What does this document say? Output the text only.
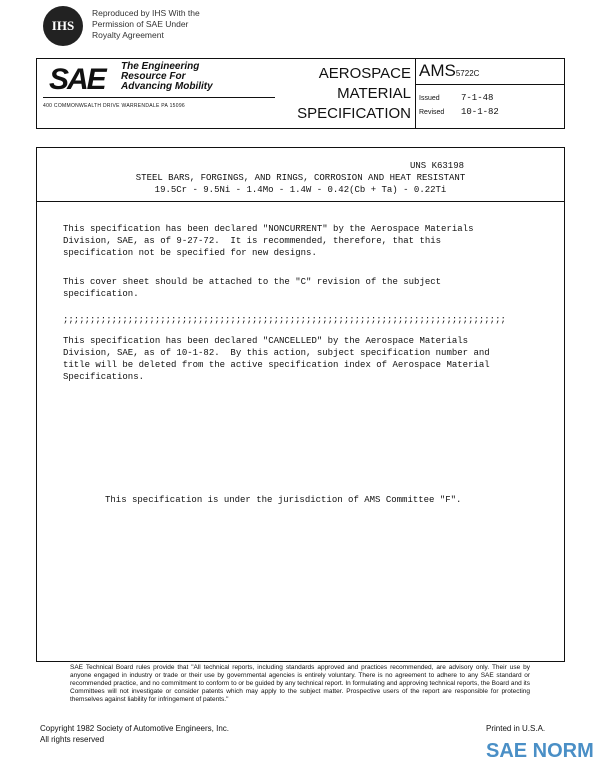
IHS
Reproduced by IHS With the
Permission of SAE Under
Royalty Agreement
SAE The Engineering
Resource For
Advancing Mobility
400 COMMONWEALTH DRIVE WARRENDALE PA 15096
AEROSPACE
MATERIAL
SPECIFICATION
AMS5722C
Issued
Revised
7-1-48
10-1-82
UNS K63198
STEEL BARS, FORGINGS, AND RINGS, CORROSION AND HEAT RESISTANT
19.5Cr - 9.5Ni - 1.4Mo - 1.4W - 0.42(Cb + Ta) - 0.22Ti
This specification has been declared "NONCURRENT" by the Aerospace Materials
Division, SAE, as of 9-27-72.  It is recommended, therefore, that this
specification not be specified for new designs.
This cover sheet should be attached to the "C" revision of the subject
specification.
;;;;;;;;;;;;;;;;;;;;;;;;;;;;;;;;;;;;;;;;;;;;;;;;;;;;;;;;;;;;;;;;;;;;;;;;;;;;;;;;;;
This specification has been declared "CANCELLED" by the Aerospace Materials
Division, SAE, as of 10-1-82.  By this action, subject specification number and
title will be deleted from the active specification index of Aerospace Material
Specifications.
This specification is under the jurisdiction of AMS Committee "F".
SAE Technical Board rules provide that "All technical reports, including standards approved and practices recommended, are advisory only. Their use by anyone engaged in industry or trade or their use by governmental agencies is entirely voluntary. There is no agreement to adhere to any SAE standard or recommended practice, and no commitment to conform to or be guided by any technical report. In formulating and approving technical reports, the Board and its Committees will not investigate or consider patents which may apply to the subject matter. Prospective users of the report are responsible for protecting themselves against liability for infringement of patents."
Copyright 1982 Society of Automotive Engineers, Inc.
All rights reserved
Printed in U.S.A.
SAE NORM
